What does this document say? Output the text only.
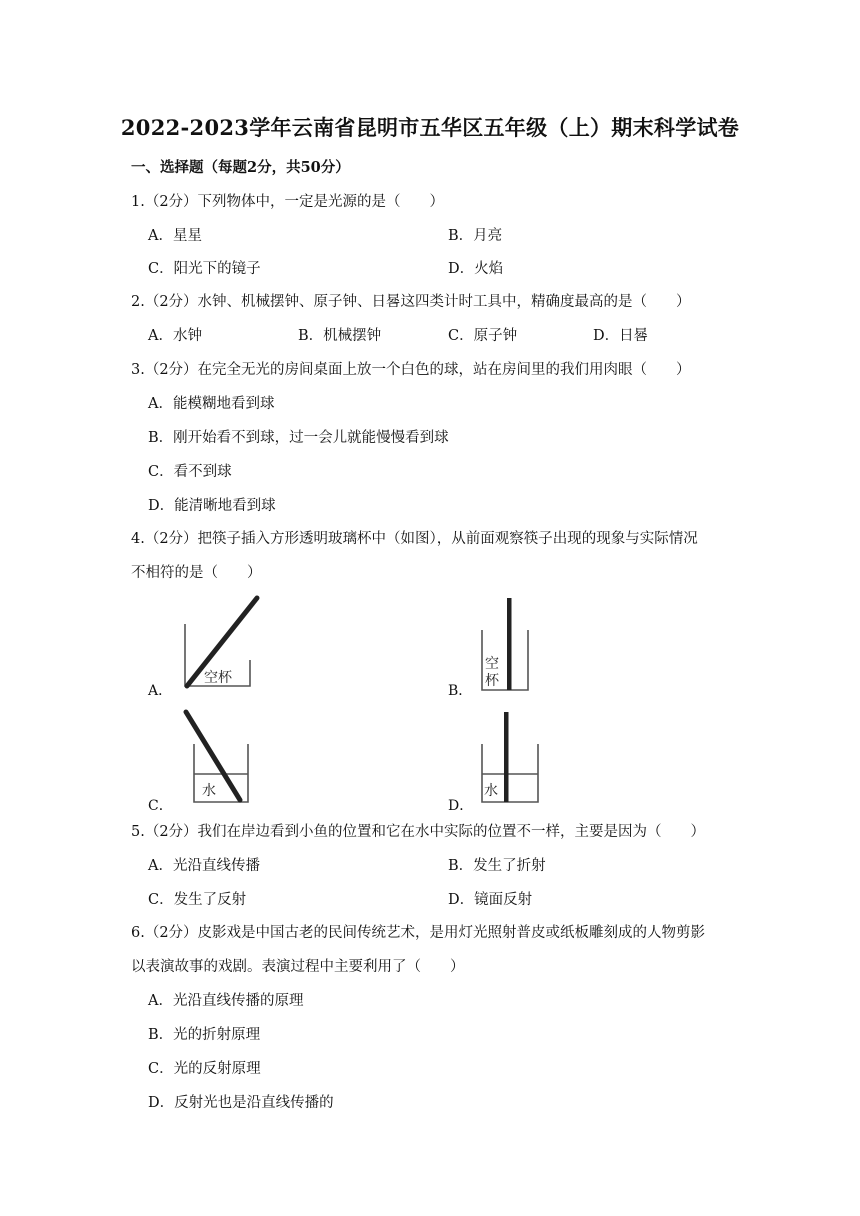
2022-2023学年云南省昆明市五华区五年级（上）期末科学试卷
一、选择题（每题2分，共50分）
1.（2分）下列物体中，一定是光源的是（　　）
A．星星	B．月亮
C．阳光下的镜子	D．火焰
2.（2分）水钟、机械摆钟、原子钟、日晷这四类计时工具中，精确度最高的是（　　）
A．水钟	B．机械摆钟	C．原子钟	D．日晷
3.（2分）在完全无光的房间桌面上放一个白色的球，站在房间里的我们用肉眼（　　）
A．能模糊地看到球
B．刚开始看不到球，过一会儿就能慢慢看到球
C．看不到球
D．能清晰地看到球
4.（2分）把筷子插入方形透明玻璃杯中（如图），从前面观察筷子出现的现象与实际情况
不相符的是（　　）
A．
空杯
B．
空
杯
C．
水
D．
水
5.（2分）我们在岸边看到小鱼的位置和它在水中实际的位置不一样，主要是因为（　　）
A．光沿直线传播	B．发生了折射
C．发生了反射	D．镜面反射
6.（2分）皮影戏是中国古老的民间传统艺术，是用灯光照射普皮或纸板雕刻成的人物剪影
以表演故事的戏剧。表演过程中主要利用了（　　）
A．光沿直线传播的原理
B．光的折射原理
C．光的反射原理
D．反射光也是沿直线传播的
